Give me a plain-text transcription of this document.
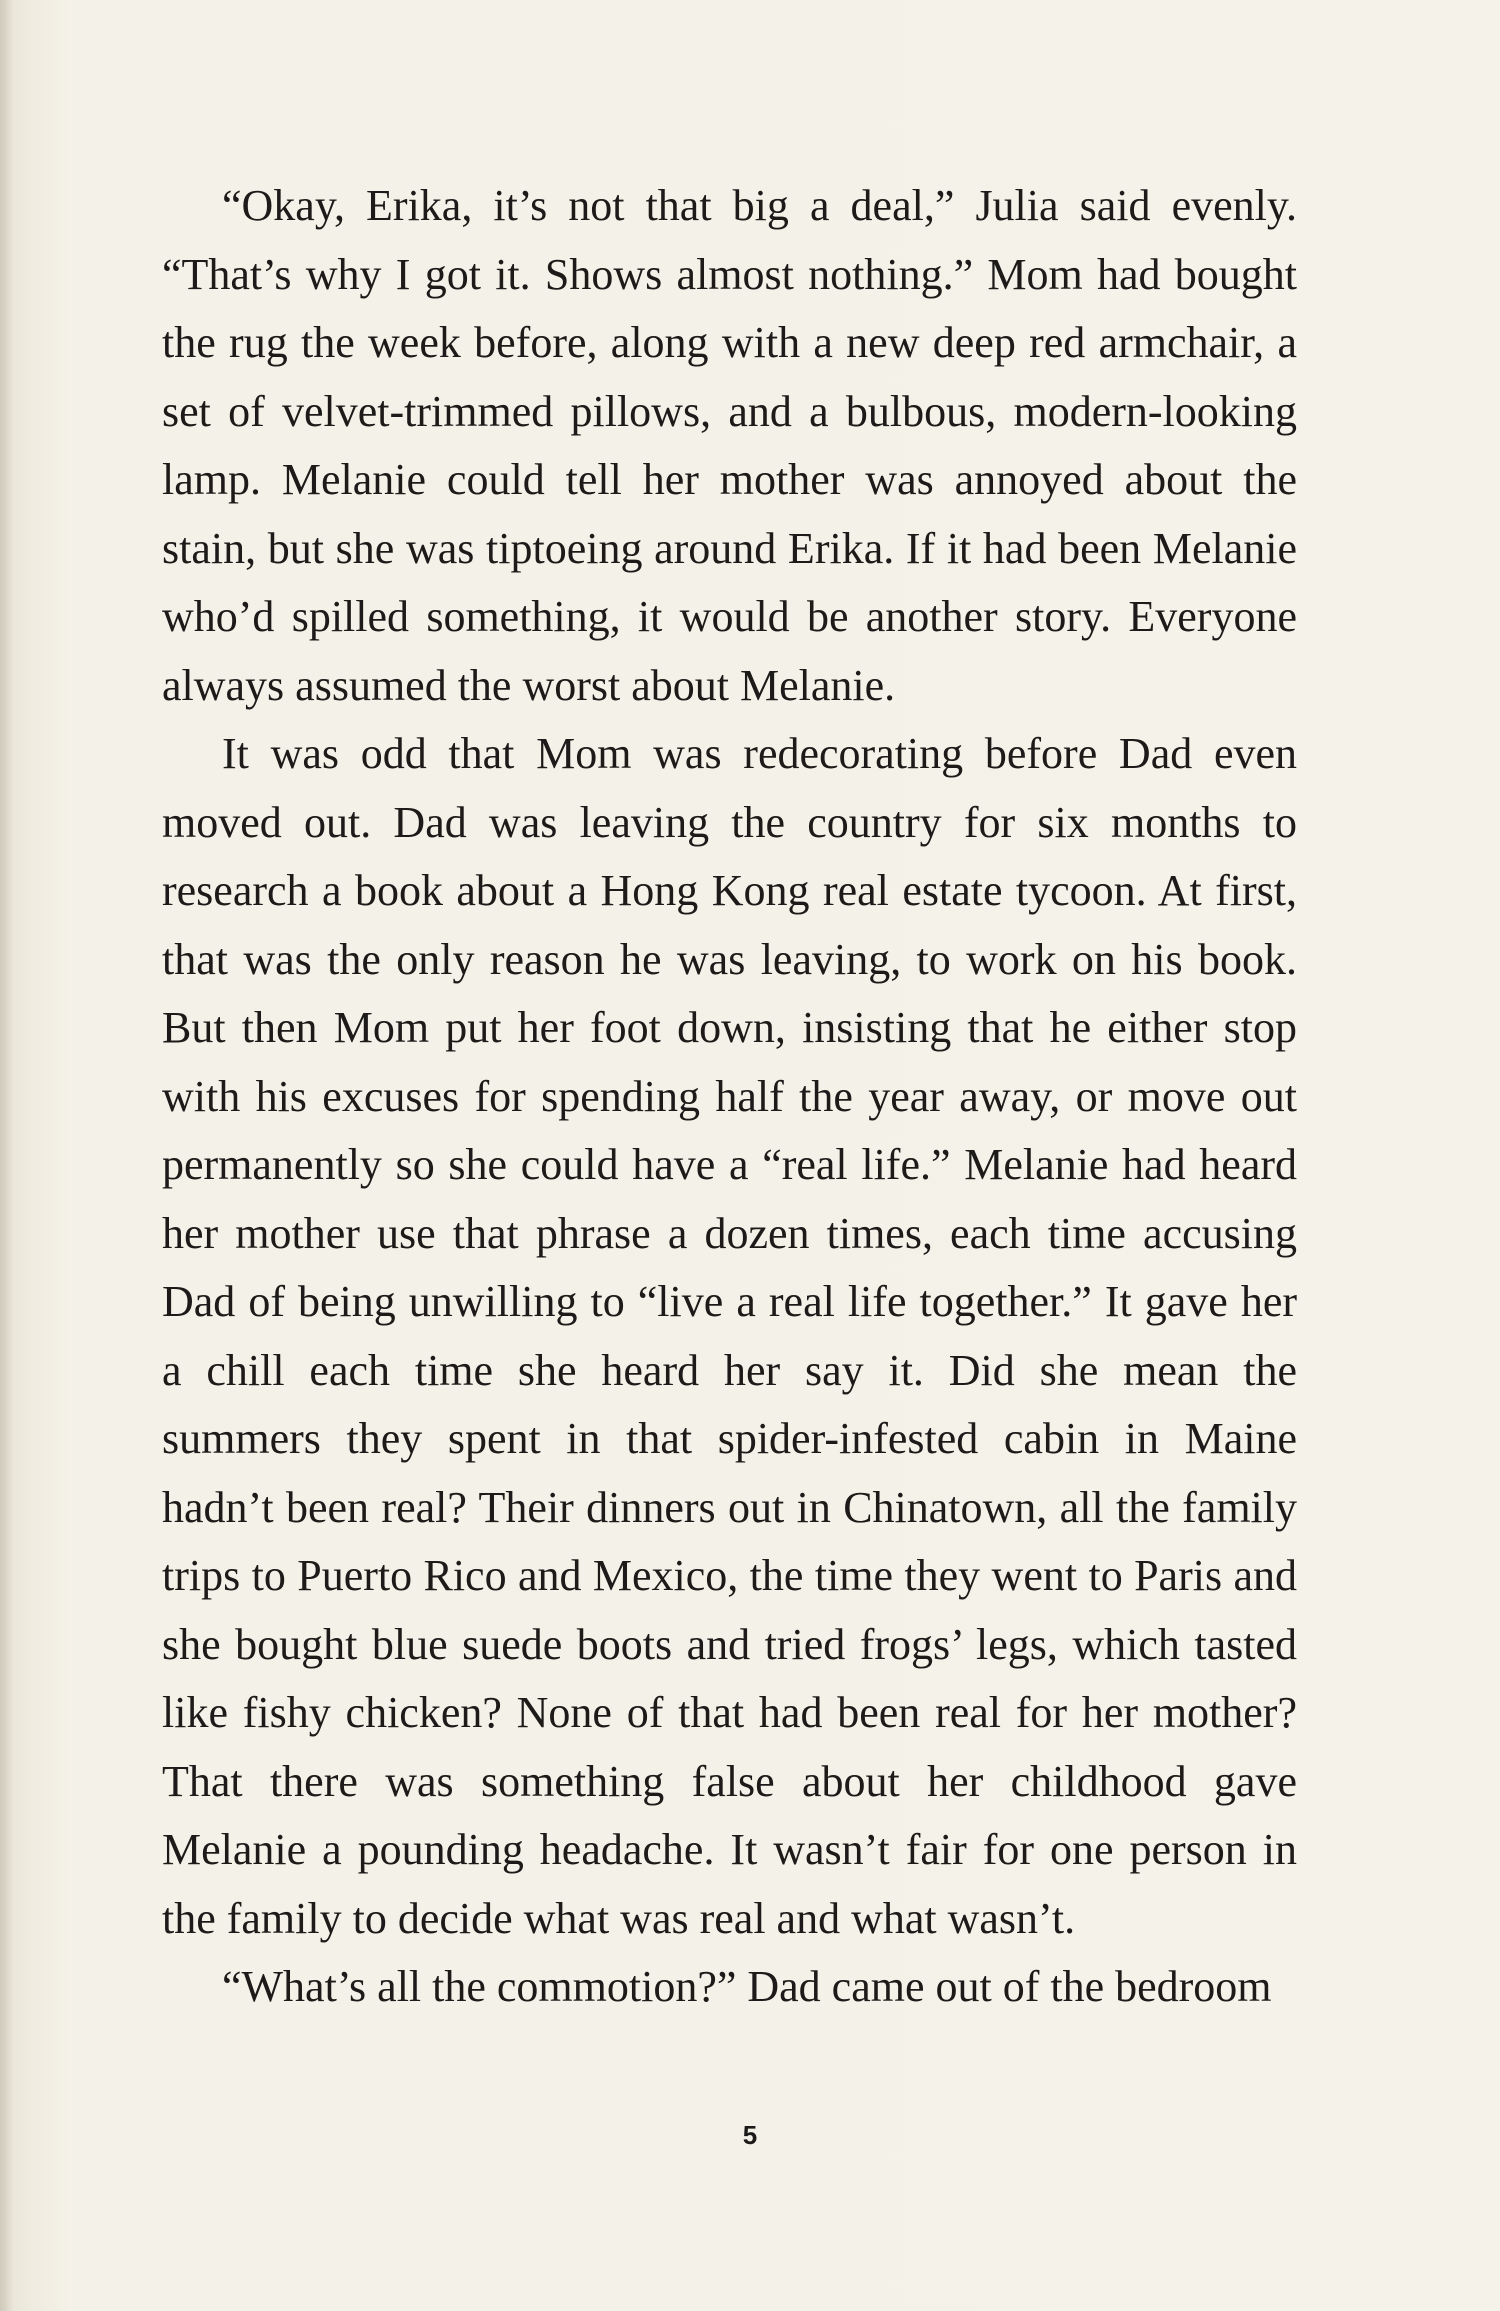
“Okay, Erika, it’s not that big a deal,” Julia said evenly. “That’s why I got it. Shows almost nothing.” Mom had bought the rug the week before, along with a new deep red armchair, a set of velvet-trimmed pillows, and a bulbous, modern-looking lamp. Melanie could tell her mother was annoyed about the stain, but she was tiptoeing around Erika. If it had been Melanie who’d spilled something, it would be another story. Everyone always assumed the worst about Melanie.

It was odd that Mom was redecorating before Dad even moved out. Dad was leaving the country for six months to research a book about a Hong Kong real estate tycoon. At first, that was the only reason he was leaving, to work on his book. But then Mom put her foot down, insisting that he either stop with his excuses for spending half the year away, or move out permanently so she could have a “real life.” Melanie had heard her mother use that phrase a dozen times, each time accusing Dad of being unwilling to “live a real life together.” It gave her a chill each time she heard her say it. Did she mean the summers they spent in that spider-infested cabin in Maine hadn’t been real? Their dinners out in Chinatown, all the family trips to Puerto Rico and Mexico, the time they went to Paris and she bought blue suede boots and tried frogs’ legs, which tasted like fishy chicken? None of that had been real for her mother? That there was something false about her childhood gave Melanie a pounding headache. It wasn’t fair for one person in the family to decide what was real and what wasn’t.

“What’s all the commotion?” Dad came out of the bedroom

5
